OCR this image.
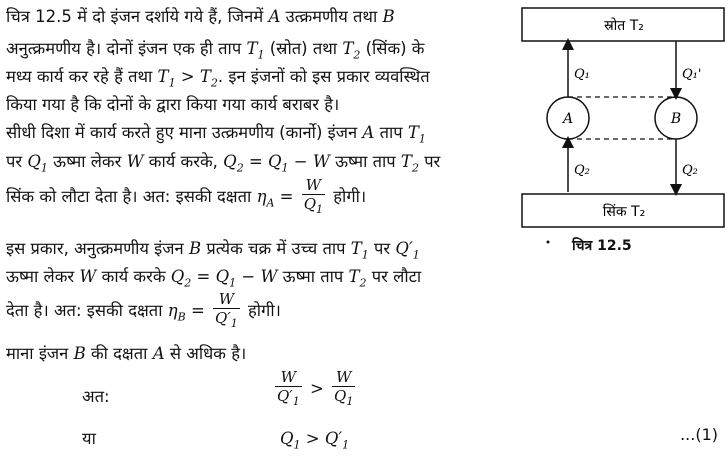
चित्र 12.5 में दो इंजन दर्शाये गये हैं, जिनमें A उत्क्रमणीय तथा B
अनुत्क्रमणीय है। दोनों इंजन एक ही ताप $T_1$ (स्रोत) तथा $T_2$ (सिंक) के
मध्य कार्य कर रहे हैं तथा $T_1 > T_2$. इन इंजनों को इस प्रकार व्यवस्थित
किया गया है कि दोनों के द्वारा किया गया कार्य बराबर है।
सीधी दिशा में कार्य करते हुए माना उत्क्रमणीय (कार्नो) इंजन A ताप $T_1$
पर $Q_1$ ऊष्मा लेकर W कार्य करके, $Q_2 = Q_1 - W$ ऊष्मा ताप $T_2$ पर
सिंक को लौटा देता है। अत: इसकी दक्षता $\eta_A = \frac{W}{Q_1}$ होगी।
इस प्रकार, अनुत्क्रमणीय इंजन B प्रत्येक चक्र में उच्च ताप $T_1$ पर $Q'_1$
ऊष्मा लेकर W कार्य करके $Q_2 = Q_1 - W$ ऊष्मा ताप $T_2$ पर लौटा
देता है। अत: इसकी दक्षता $\eta_B = \frac{W}{Q'_1}$ होगी।
माना इंजन B की दक्षता A से अधिक है।
अत:	$\frac{W}{Q'_1} > \frac{W}{Q_1}$
या	$Q_1 > Q'_1$
...(1)
स्रोत T₂
सिंक T₂
A	B
Q₁	Q₁'
Q₂	Q₂
चित्र 12.5
